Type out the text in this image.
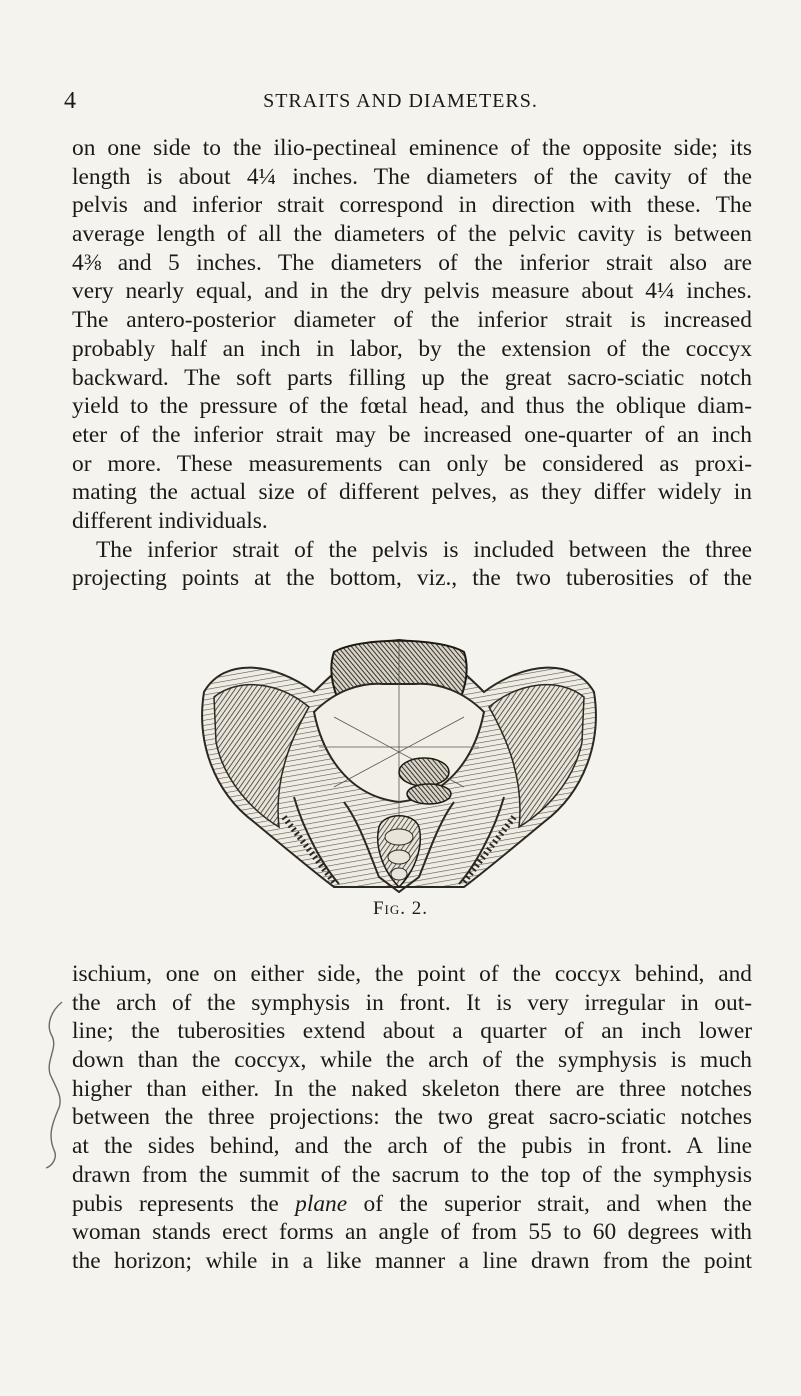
4	STRAITS AND DIAMETERS.
on one side to the ilio-pectineal eminence of the opposite side; its
length is about 4¼ inches. The diameters of the cavity of the
pelvis and inferior strait correspond in direction with these. The
average length of all the diameters of the pelvic cavity is between
4⅜ and 5 inches. The diameters of the inferior strait also are
very nearly equal, and in the dry pelvis measure about 4¼ inches.
The antero-posterior diameter of the inferior strait is increased
probably half an inch in labor, by the extension of the coccyx
backward. The soft parts filling up the great sacro-sciatic notch
yield to the pressure of the fœtal head, and thus the oblique diam-
eter of the inferior strait may be increased one-quarter of an inch
or more. These measurements can only be considered as proxi-
mating the actual size of different pelves, as they differ widely in
different individuals.
The inferior strait of the pelvis is included between the three
projecting points at the bottom, viz., the two tuberosities of the
Fig. 2.
ischium, one on either side, the point of the coccyx behind, and
the arch of the symphysis in front. It is very irregular in out-
line; the tuberosities extend about a quarter of an inch lower
down than the coccyx, while the arch of the symphysis is much
higher than either. In the naked skeleton there are three notches
between the three projections: the two great sacro-sciatic notches
at the sides behind, and the arch of the pubis in front. A line
drawn from the summit of the sacrum to the top of the symphysis
pubis represents the plane of the superior strait, and when the
woman stands erect forms an angle of from 55 to 60 degrees with
the horizon; while in a like manner a line drawn from the point
